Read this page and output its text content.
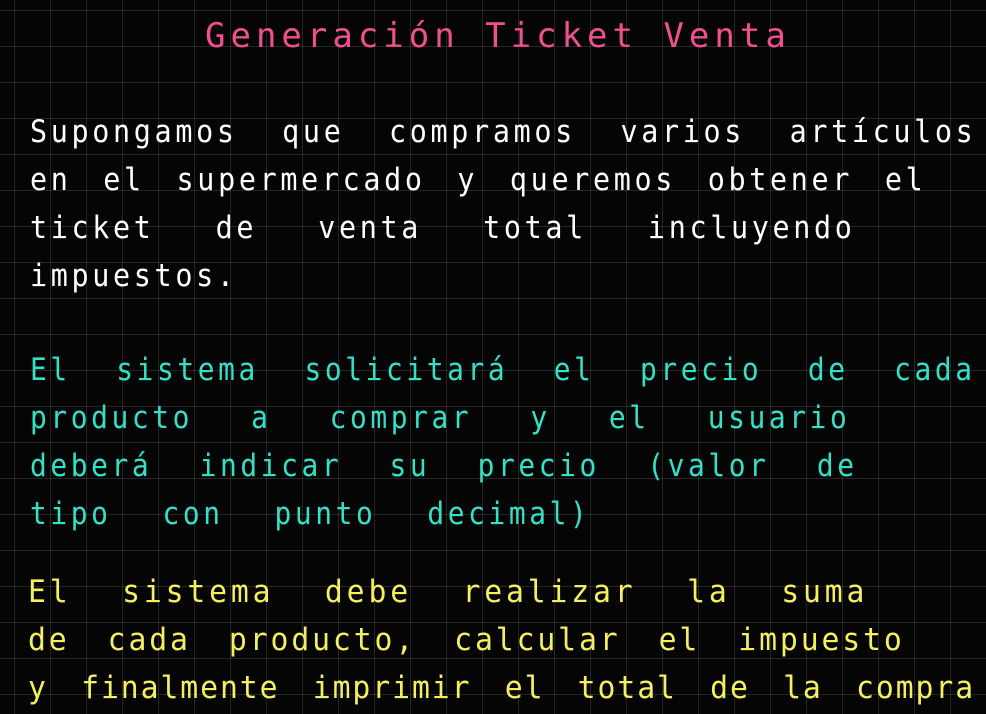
Generación Ticket Venta

Supongamos que compramos varios artículos
en el supermercado y queremos obtener el
ticket de venta total incluyendo
impuestos.

El sistema solicitará el precio de cada
producto a comprar y el usuario
deberá indicar su precio (valor de
tipo con punto decimal)

El sistema debe realizar la suma
de cada producto, calcular el impuesto
y finalmente imprimir el total de la compra
